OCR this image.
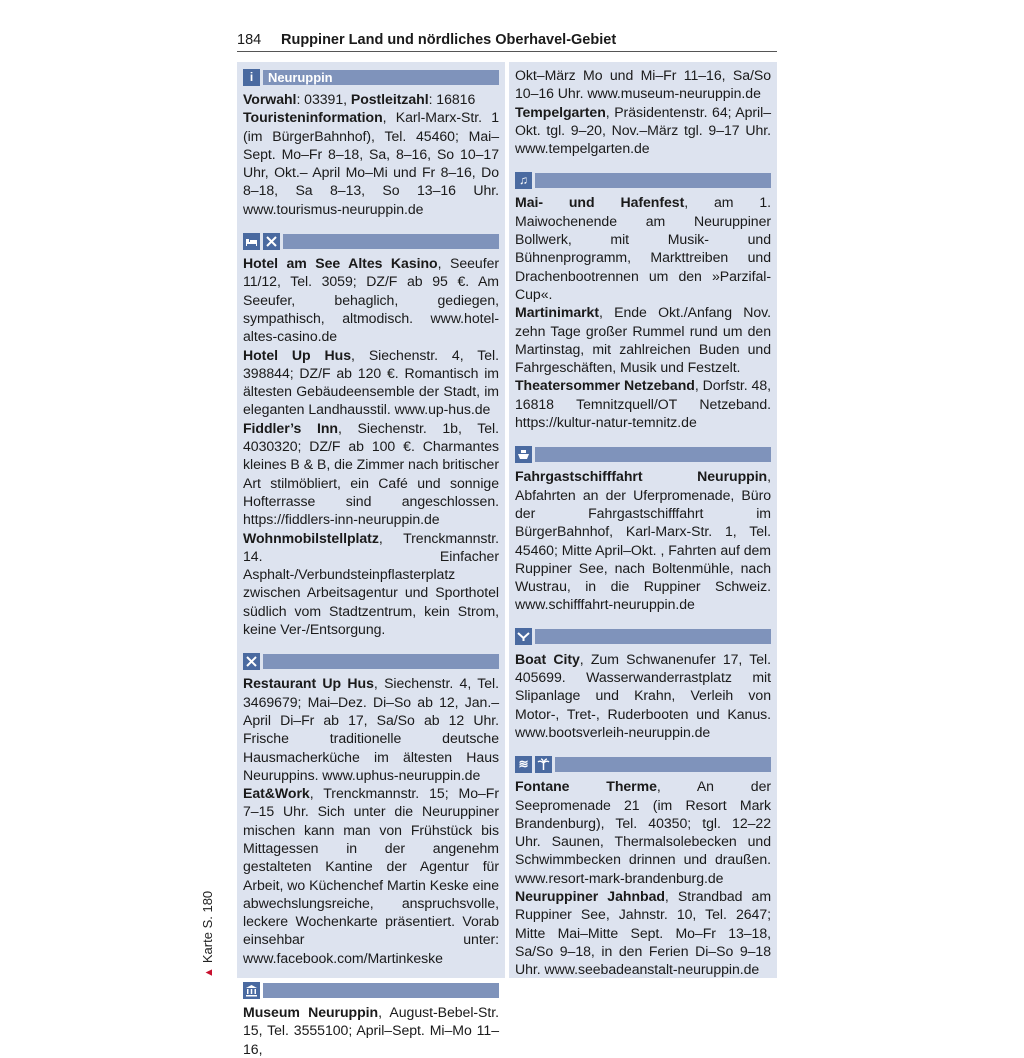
184 Ruppiner Land und nördliches Oberhavel-Gebiet
i	Neuruppin

Vorwahl: 03391, Postleitzahl: 16816

Touristeninformation, Karl-Marx-Str. 1 (im BürgerBahnhof), Tel. 45460; Mai–Sept. Mo–Fr 8–18, Sa, 8–16, So 10–17 Uhr, Okt.– April Mo–Mi und Fr 8–16, Do 8–18, Sa 8–13, So 13–16 Uhr. www.tourismus-neuruppin.de

Hotel am See Altes Kasino, Seeufer 11/12, Tel. 3059; DZ/F ab 95 €. Am Seeufer, behaglich, gediegen, sympathisch, altmodisch. www.hotel-altes-casino.de

Hotel Up Hus, Siechenstr. 4, Tel. 398844; DZ/F ab 120 €. Romantisch im ältesten Gebäudeensemble der Stadt, im eleganten Landhausstil. www.up-hus.de

Fiddler’s Inn, Siechenstr. 1b, Tel. 4030320; DZ/F ab 100 €. Charmantes kleines B & B, die Zimmer nach britischer Art stilmöbliert, ein Café und sonnige Hofterrasse sind angeschlossen. https://fiddlers-inn-neuruppin.de

Wohnmobilstellplatz, Trenckmannstr. 14. Einfacher Asphalt-/Verbundsteinpflasterplatz zwischen Arbeitsagentur und Sporthotel südlich vom Stadtzentrum, kein Strom, keine Ver-/Entsorgung.

Restaurant Up Hus, Siechenstr. 4, Tel. 3469679; Mai–Dez. Di–So ab 12, Jan.–April Di–Fr ab 17, Sa/So ab 12 Uhr. Frische traditionelle deutsche Hausmacherküche im ältesten Haus Neuruppins. www.uphus-neuruppin.de

Eat&Work, Trenckmannstr. 15; Mo–Fr 7–15 Uhr. Sich unter die Neuruppiner mischen kann man von Frühstück bis Mittagessen in der angenehm gestalteten Kantine der Agentur für Arbeit, wo Küchenchef Martin Keske eine abwechslungsreiche, anspruchsvolle, leckere Wochenkarte präsentiert. Vorab einsehbar unter: www.facebook.com/Martinkeske

Museum Neuruppin, August-Bebel-Str. 15, Tel. 3555100; April–Sept. Mi–Mo 11–16,

Okt–März Mo und Mi–Fr 11–16, Sa/So 10–16 Uhr. www.museum-neuruppin.de

Tempelgarten, Präsidentenstr. 64; April–Okt. tgl. 9–20, Nov.–März tgl. 9–17 Uhr. www.tempelgarten.de

♫

Mai- und Hafenfest, am 1. Maiwochenende am Neuruppiner Bollwerk, mit Musik- und Bühnenprogramm, Markttreiben und Drachenbootrennen um den »Parzifal-Cup«.

Martinimarkt, Ende Okt./Anfang Nov. zehn Tage großer Rummel rund um den Martinstag, mit zahlreichen Buden und Fahrgeschäften, Musik und Festzelt.

Theatersommer Netzeband, Dorfstr. 48, 16818 Temnitzquell/OT Netzeband. https://kultur-natur-temnitz.de

Fahrgastschifffahrt Neuruppin, Abfahrten an der Uferpromenade, Büro der Fahrgastschifffahrt im BürgerBahnhof, Karl-Marx-Str. 1, Tel. 45460; Mitte April–Okt. , Fahrten auf dem Ruppiner See, nach Boltenmühle, nach Wustrau, in die Ruppiner Schweiz. www.schifffahrt-neuruppin.de

Boat City, Zum Schwanenufer 17, Tel. 405699. Wasserwanderrastplatz mit Slipanlage und Krahn, Verleih von Motor-, Tret-, Ruderbooten und Kanus. www.bootsverleih-neuruppin.de

≋

Fontane Therme, An der Seepromenade 21 (im Resort Mark Brandenburg), Tel. 40350; tgl. 12–22 Uhr. Saunen, Thermalsolebecken und Schwimmbecken drinnen und draußen. www.resort-mark-brandenburg.de

Neuruppiner Jahnbad, Strandbad am Ruppiner See, Jahnstr. 10, Tel. 2647; Mitte Mai–Mitte Sept. Mo–Fr 13–18, Sa/So 9–18, in den Ferien Di–So 9–18 Uhr. www.seebadeanstalt-neuruppin.de

▲Karte S. 180
